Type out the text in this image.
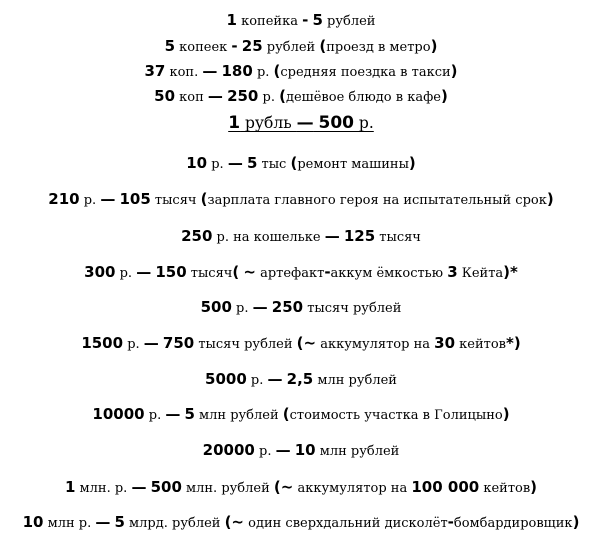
1 копейка - 5 рублей
5 копеек - 25 рублей (проезд в метро)
37 коп. — 180 р. (средняя поездка в такси)
50 коп — 250 р. (дешёвое блюдо в кафе)
1 рубль — 500 р.
10 р. — 5 тыс (ремонт машины)
210 р. — 105 тысяч (зарплата главного героя на испытательный срок)
250 р. на кошельке — 125 тысяч
300 р. — 150 тысяч( ~ артефакт-аккум ёмкостью 3 Кейта)*
500 р. — 250 тысяч рублей
1500 р. — 750 тысяч рублей (~ аккумулятор на 30 кейтов*)
5000 р. — 2,5 млн рублей
10000 р. — 5 млн рублей (стоимость участка в Голицыно)
20000 р. — 10 млн рублей
1 млн. р. — 500 млн. рублей (~ аккумулятор на 100 000 кейтов)
10 млн р. — 5 млрд. рублей (~ один сверхдальний дисколёт-бомбардировщик)
